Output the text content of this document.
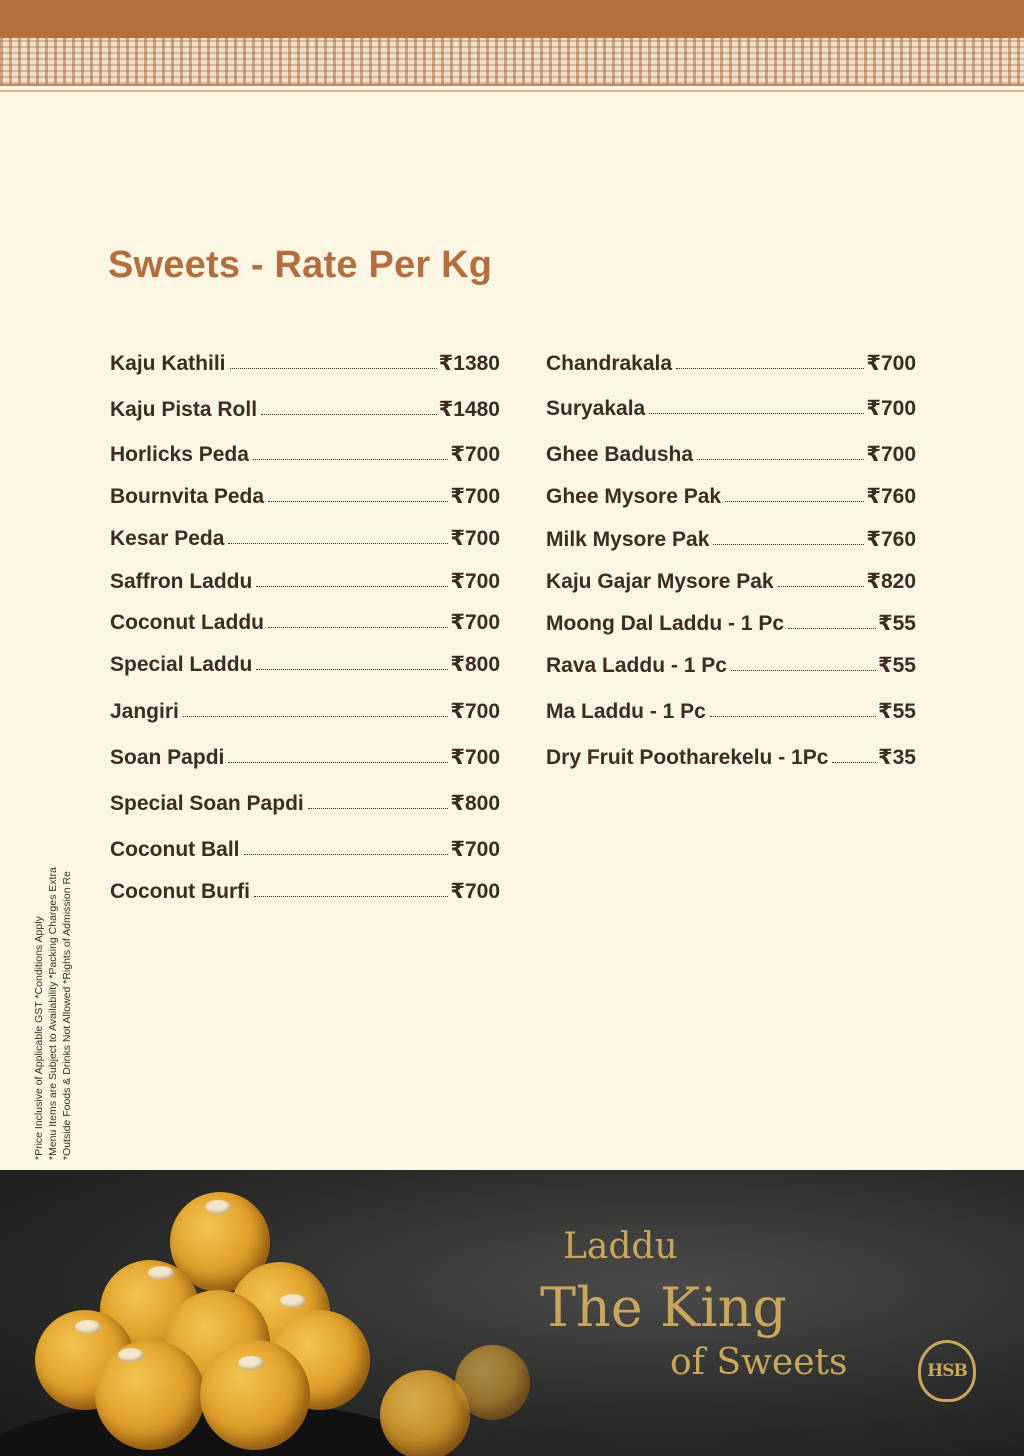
Sweets - Rate Per Kg
Kaju Kathili	₹1380
Kaju Pista Roll	₹1480
Horlicks Peda	₹700
Bournvita Peda	₹700
Kesar Peda	₹700
Saffron Laddu	₹700
Coconut Laddu	₹700
Special Laddu	₹800
Jangiri	₹700
Soan Papdi	₹700
Special Soan Papdi	₹800
Coconut Ball	₹700
Coconut Burfi	₹700
Chandrakala	₹700
Suryakala	₹700
Ghee Badusha	₹700
Ghee Mysore Pak	₹760
Milk Mysore Pak	₹760
Kaju Gajar Mysore Pak	₹820
Moong Dal Laddu - 1 Pc	₹55
Rava Laddu - 1 Pc	₹55
Ma Laddu - 1 Pc	₹55
Dry Fruit Pootharekelu - 1Pc ₹35
*Price Inclusive of Applicable GST *Conditions Apply *Menu Items are Subject to Availability *Packing Charges Extra *Outside Foods & Drinks Not Allowed *Rights of Admission Re
Laddu
The King
of Sweets	HSB
